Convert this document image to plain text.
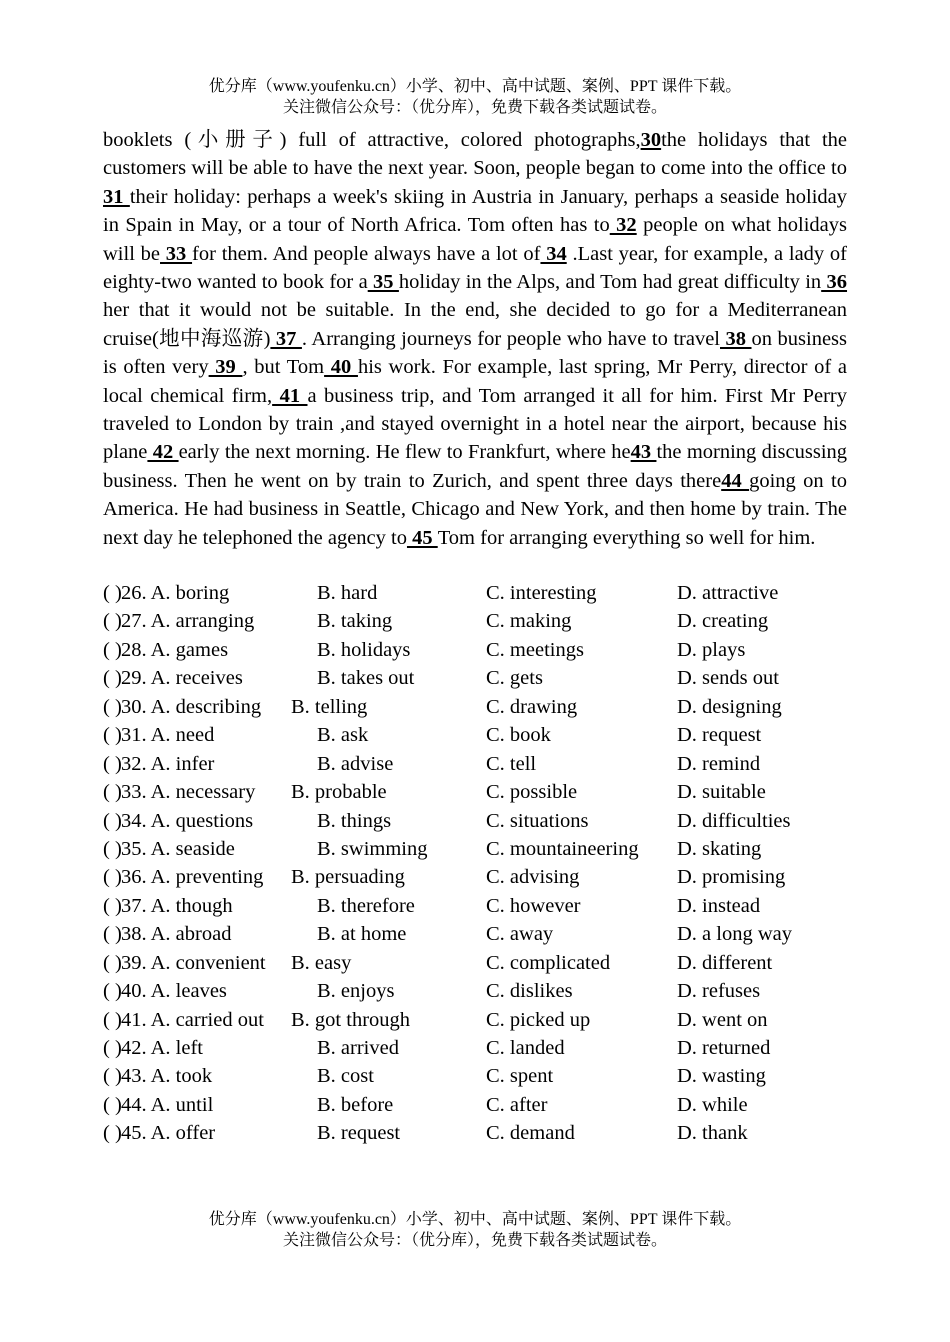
优分库（www.youfenku.cn）小学、初中、高中试题、案例、PPT 课件下载。
关注微信公众号：（优分库），免费下载各类试题试卷。
booklets (小册子) full of attractive, colored photographs,30the holidays that the customers will be able to have the next year. Soon, people began to come into the office to 31 their holiday: perhaps a week's skiing in Austria in January, perhaps a seaside holiday in Spain in May, or a tour of North Africa. Tom often has to 32 people on what holidays will be 33 for them. And people always have a lot of 34 .Last year, for example, a lady of eighty-two wanted to book for a 35 holiday in the Alps, and Tom had great difficulty in 36 her that it would not be suitable. In the end, she decided to go for a Mediterranean cruise(地中海巡游) 37 . Arranging journeys for people who have to travel 38 on business is often very 39 , but Tom 40 his work. For example, last spring, Mr Perry, director of a local chemical firm, 41 a business trip, and Tom arranged it all for him. First Mr Perry traveled to London by train ,and stayed overnight in a hotel near the airport, because his plane 42 early the next morning. He flew to Frankfurt, where he43 the morning discussing business. Then he went on by train to Zurich, and spent three days there44 going on to America. He had business in Seattle, Chicago and New York, and then home by train. The next day he telephoned the agency to 45 Tom for arranging everything so well for him.
( ) 26. A. boring	B. hard	C. interesting	D. attractive
( ) 27. A. arranging	B. taking	C. making	D. creating
( ) 28. A. games	B. holidays	C. meetings	D. plays
( ) 29. A. receives	B. takes out	C. gets	D. sends out
( ) 30. A. describing B. telling	C. drawing	D. designing
( ) 31. A. need	B. ask	C. book	D. request
( ) 32. A. infer	B. advise	C. tell	D. remind
( ) 33. A. necessary B. probable	C. possible	D. suitable
( ) 34. A. questions	B. things	C. situations	D. difficulties
( ) 35. A. seaside	B. swimming	C. mountaineering D. skating
( ) 36. A. preventing B. persuading	C. advising	D. promising
( ) 37. A. though	B. therefore	C. however	D. instead
( ) 38. A. abroad	B. at home	C. away	D. a long way
( ) 39. A. convenient B. easy	C. complicated	D. different
( ) 40. A. leaves	B. enjoys	C. dislikes	D. refuses
( ) 41. A. carried out B. got through	C. picked up	D. went on
( ) 42. A. left	B. arrived	C. landed	D. returned
( ) 43. A. took	B. cost	C. spent	D. wasting
( ) 44. A. until	B. before	C. after	D. while
( ) 45. A. offer	B. request	C. demand	D. thank
优分库（www.youfenku.cn）小学、初中、高中试题、案例、PPT 课件下载。
关注微信公众号：（优分库），免费下载各类试题试卷。
